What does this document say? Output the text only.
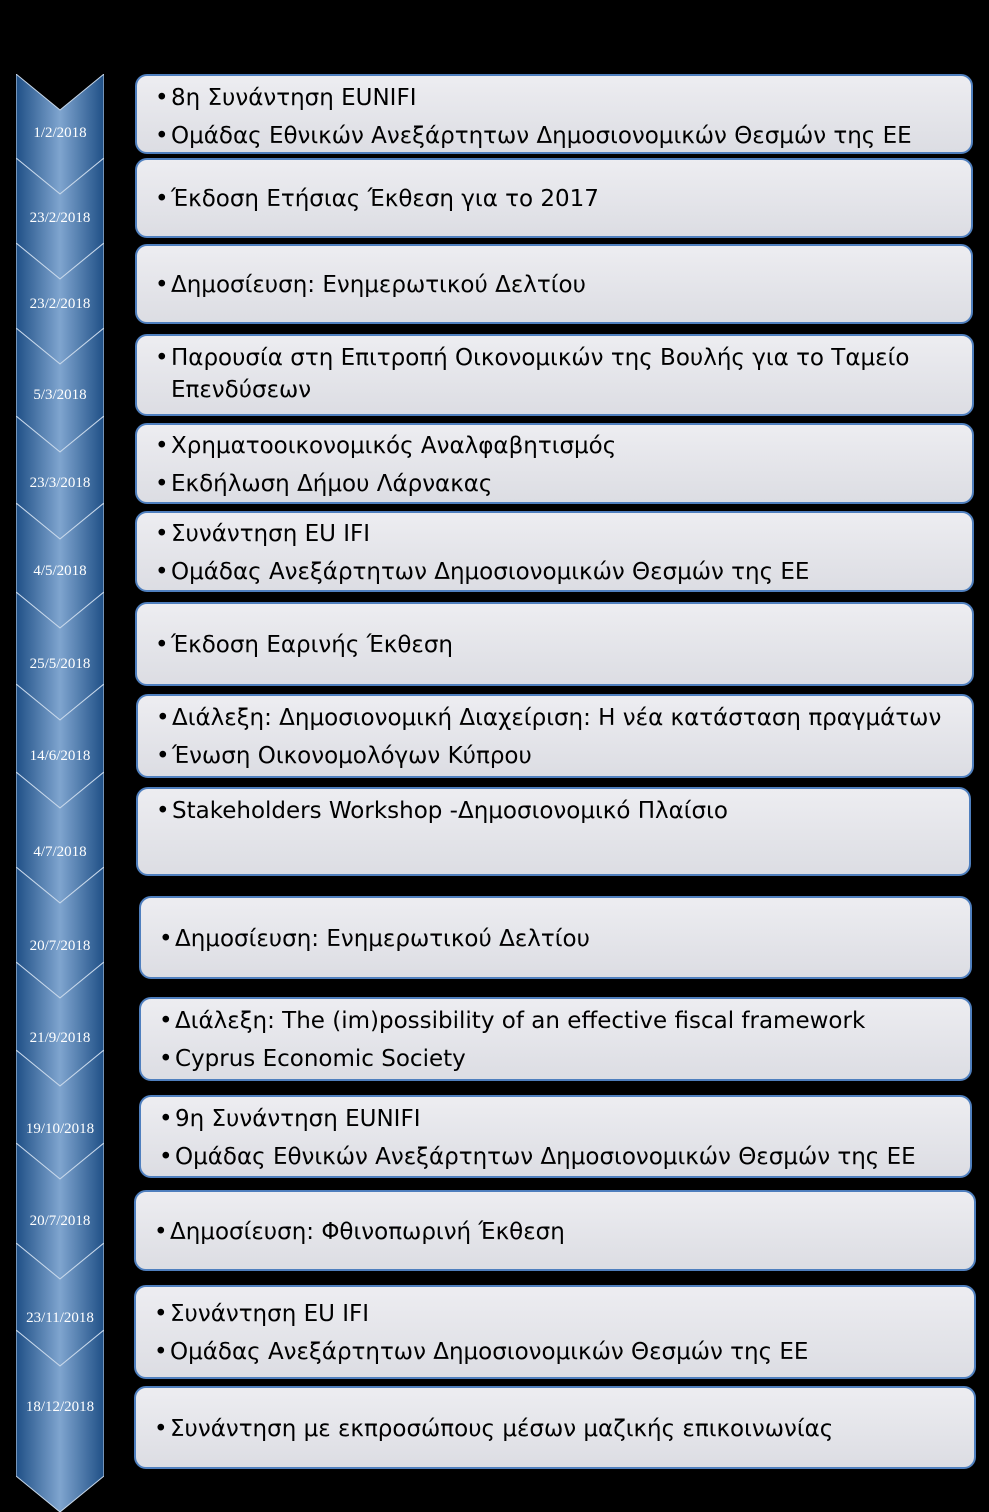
1/2/2018
• 8η Συνάντηση EUNIFI
• Ομάδας Εθνικών Ανεξάρτητων Δημοσιονομικών Θεσμών της ΕΕ
23/2/2018
• Έκδοση Ετήσιας Έκθεση για το 2017
23/2/2018
• Δημοσίευση: Ενημερωτικού Δελτίου
5/3/2018
• Παρουσία στη Επιτροπή Οικονομικών της Βουλής για το Ταμείο Επενδύσεων
23/3/2018
• Χρηματοοικονομικός Αναλφαβητισμός
• Εκδήλωση Δήμου Λάρνακας
4/5/2018
• Συνάντηση EU IFI
• Ομάδας Ανεξάρτητων Δημοσιονομικών Θεσμών της ΕΕ
25/5/2018
• Έκδοση Εαρινής Έκθεση
14/6/2018
• Διάλεξη: Δημοσιονομική Διαχείριση: Η νέα κατάσταση πραγμάτων
• Ένωση Οικονομολόγων Κύπρου
4/7/2018
• Stakeholders Workshop -Δημοσιονομικό Πλαίσιο
20/7/2018	• Δημοσίευση: Ενημερωτικού Δελτίου
21/9/2018
• Διάλεξη: The (im)possibility of an effective fiscal framework
• Cyprus Economic Society
19/10/2018	• 9η Συνάντηση EUNIFI
• Ομάδας Εθνικών Ανεξάρτητων Δημοσιονομικών Θεσμών της ΕΕ
20/7/2018	• Δημοσίευση: Φθινοπωρινή Έκθεση
23/11/2018	• Συνάντηση EU IFI
• Ομάδας Ανεξάρτητων Δημοσιονομικών Θεσμών της ΕΕ
18/12/2018
• Συνάντηση με εκπροσώπους μέσων μαζικής επικοινωνίας
